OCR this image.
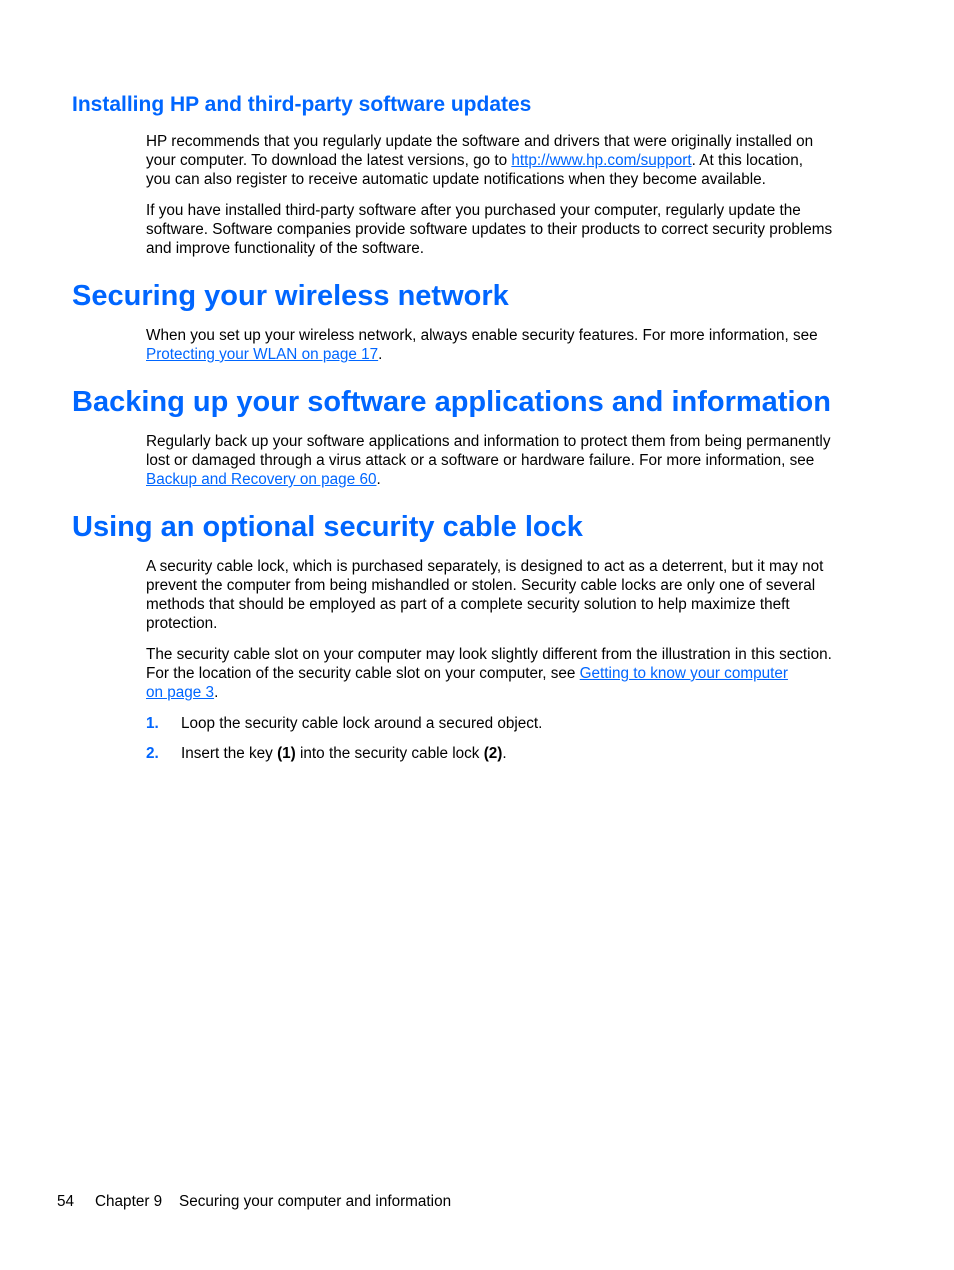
Installing HP and third-party software updates

HP recommends that you regularly update the software and drivers that were originally installed on
your computer. To download the latest versions, go to http://www.hp.com/support. At this location,
you can also register to receive automatic update notifications when they become available.

If you have installed third-party software after you purchased your computer, regularly update the
software. Software companies provide software updates to their products to correct security problems
and improve functionality of the software.

Securing your wireless network

When you set up your wireless network, always enable security features. For more information, see
Protecting your WLAN on page 17.

Backing up your software applications and information

Regularly back up your software applications and information to protect them from being permanently
lost or damaged through a virus attack or a software or hardware failure. For more information, see
Backup and Recovery on page 60.

Using an optional security cable lock

A security cable lock, which is purchased separately, is designed to act as a deterrent, but it may not
prevent the computer from being mishandled or stolen. Security cable locks are only one of several
methods that should be employed as part of a complete security solution to help maximize theft
protection.

The security cable slot on your computer may look slightly different from the illustration in this section.
For the location of the security cable slot on your computer, see Getting to know your computer
on page 3.

1. Loop the security cable lock around a secured object.
2. Insert the key (1) into the security cable lock (2).
54 Chapter 9 Securing your computer and information
